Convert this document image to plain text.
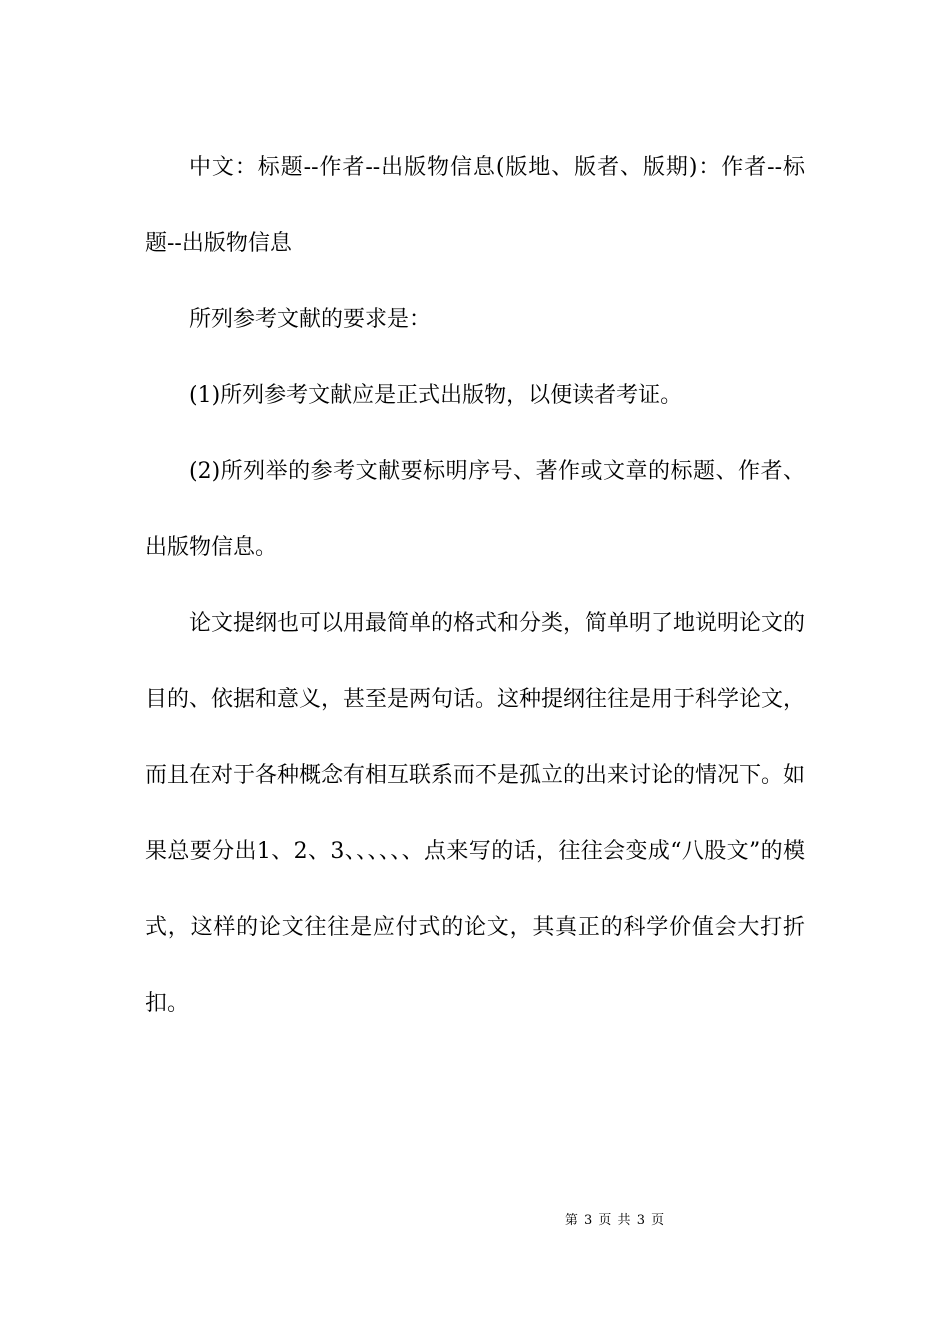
中文：标题--作者--出版物信息(版地、版者、版期)：作者--标题--出版物信息

所列参考文献的要求是：

(1)所列参考文献应是正式出版物，以便读者考证。

(2)所列举的参考文献要标明序号、著作或文章的标题、作者、出版物信息。

论文提纲也可以用最简单的格式和分类，简单明了地说明论文的目的、依据和意义，甚至是两句话。这种提纲往往是用于科学论文，而且在对于各种概念有相互联系而不是孤立的出来讨论的情况下。如果总要分出1、2、3、、、、、、点来写的话，往往会变成“八股文”的模式，这样的论文往往是应付式的论文，其真正的科学价值会大打折扣。

第 3 页 共 3 页
